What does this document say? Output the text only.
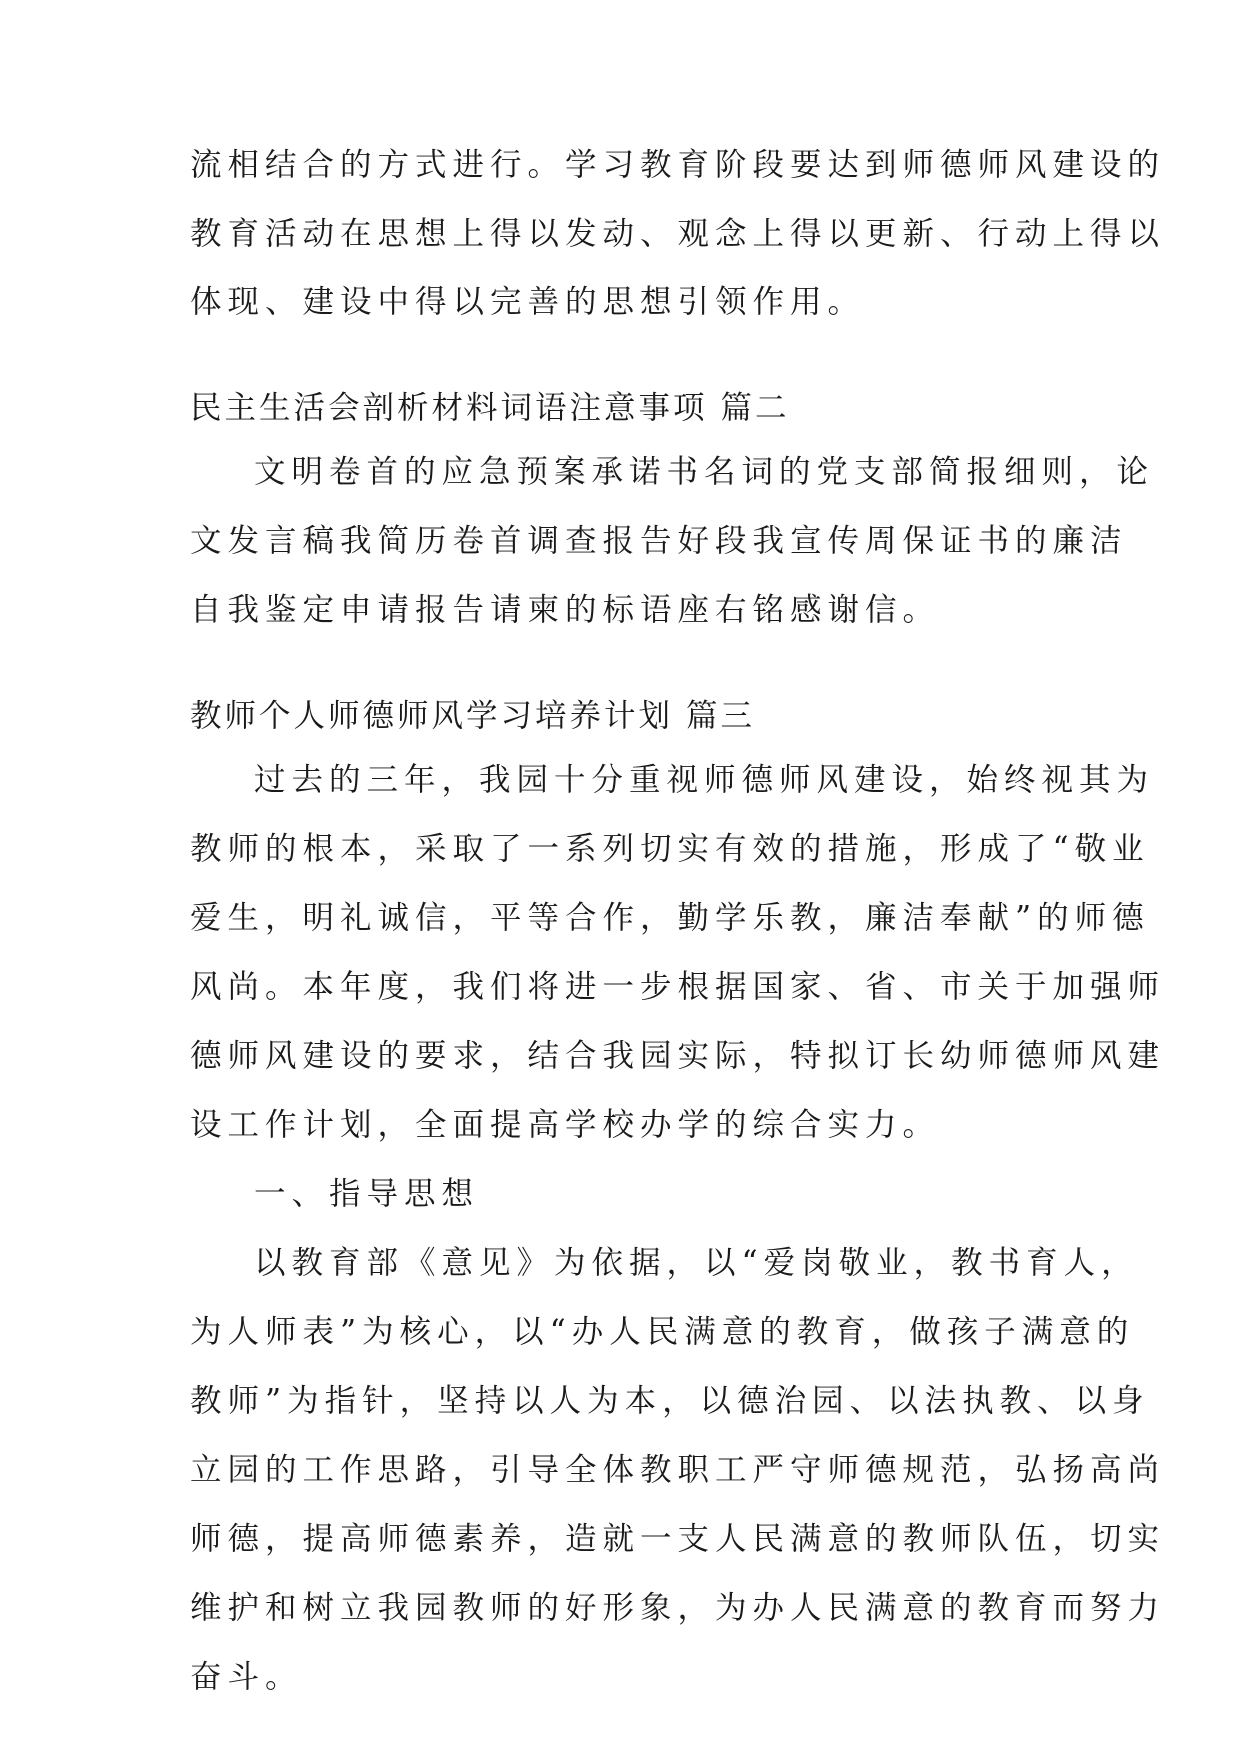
流相结合的方式进行。学习教育阶段要达到师德师风建设的
教育活动在思想上得以发动、观念上得以更新、行动上得以
体现、建设中得以完善的思想引领作用。
民主生活会剖析材料词语注意事项 篇二
文明卷首的应急预案承诺书名词的党支部简报细则，论
文发言稿我简历卷首调查报告好段我宣传周保证书的廉洁
自我鉴定申请报告请柬的标语座右铭感谢信。
教师个人师德师风学习培养计划 篇三
过去的三年，我园十分重视师德师风建设，始终视其为
教师的根本，采取了一系列切实有效的措施，形成了“敬业
爱生，明礼诚信，平等合作，勤学乐教，廉洁奉献”的师德
风尚。本年度，我们将进一步根据国家、省、市关于加强师
德师风建设的要求，结合我园实际，特拟订长幼师德师风建
设工作计划，全面提高学校办学的综合实力。
一、指导思想
以教育部《意见》为依据，以“爱岗敬业，教书育人，
为人师表”为核心，以“办人民满意的教育，做孩子满意的
教师”为指针，坚持以人为本，以德治园、以法执教、以身
立园的工作思路，引导全体教职工严守师德规范，弘扬高尚
师德，提高师德素养，造就一支人民满意的教师队伍，切实
维护和树立我园教师的好形象，为办人民满意的教育而努力
奋斗。
